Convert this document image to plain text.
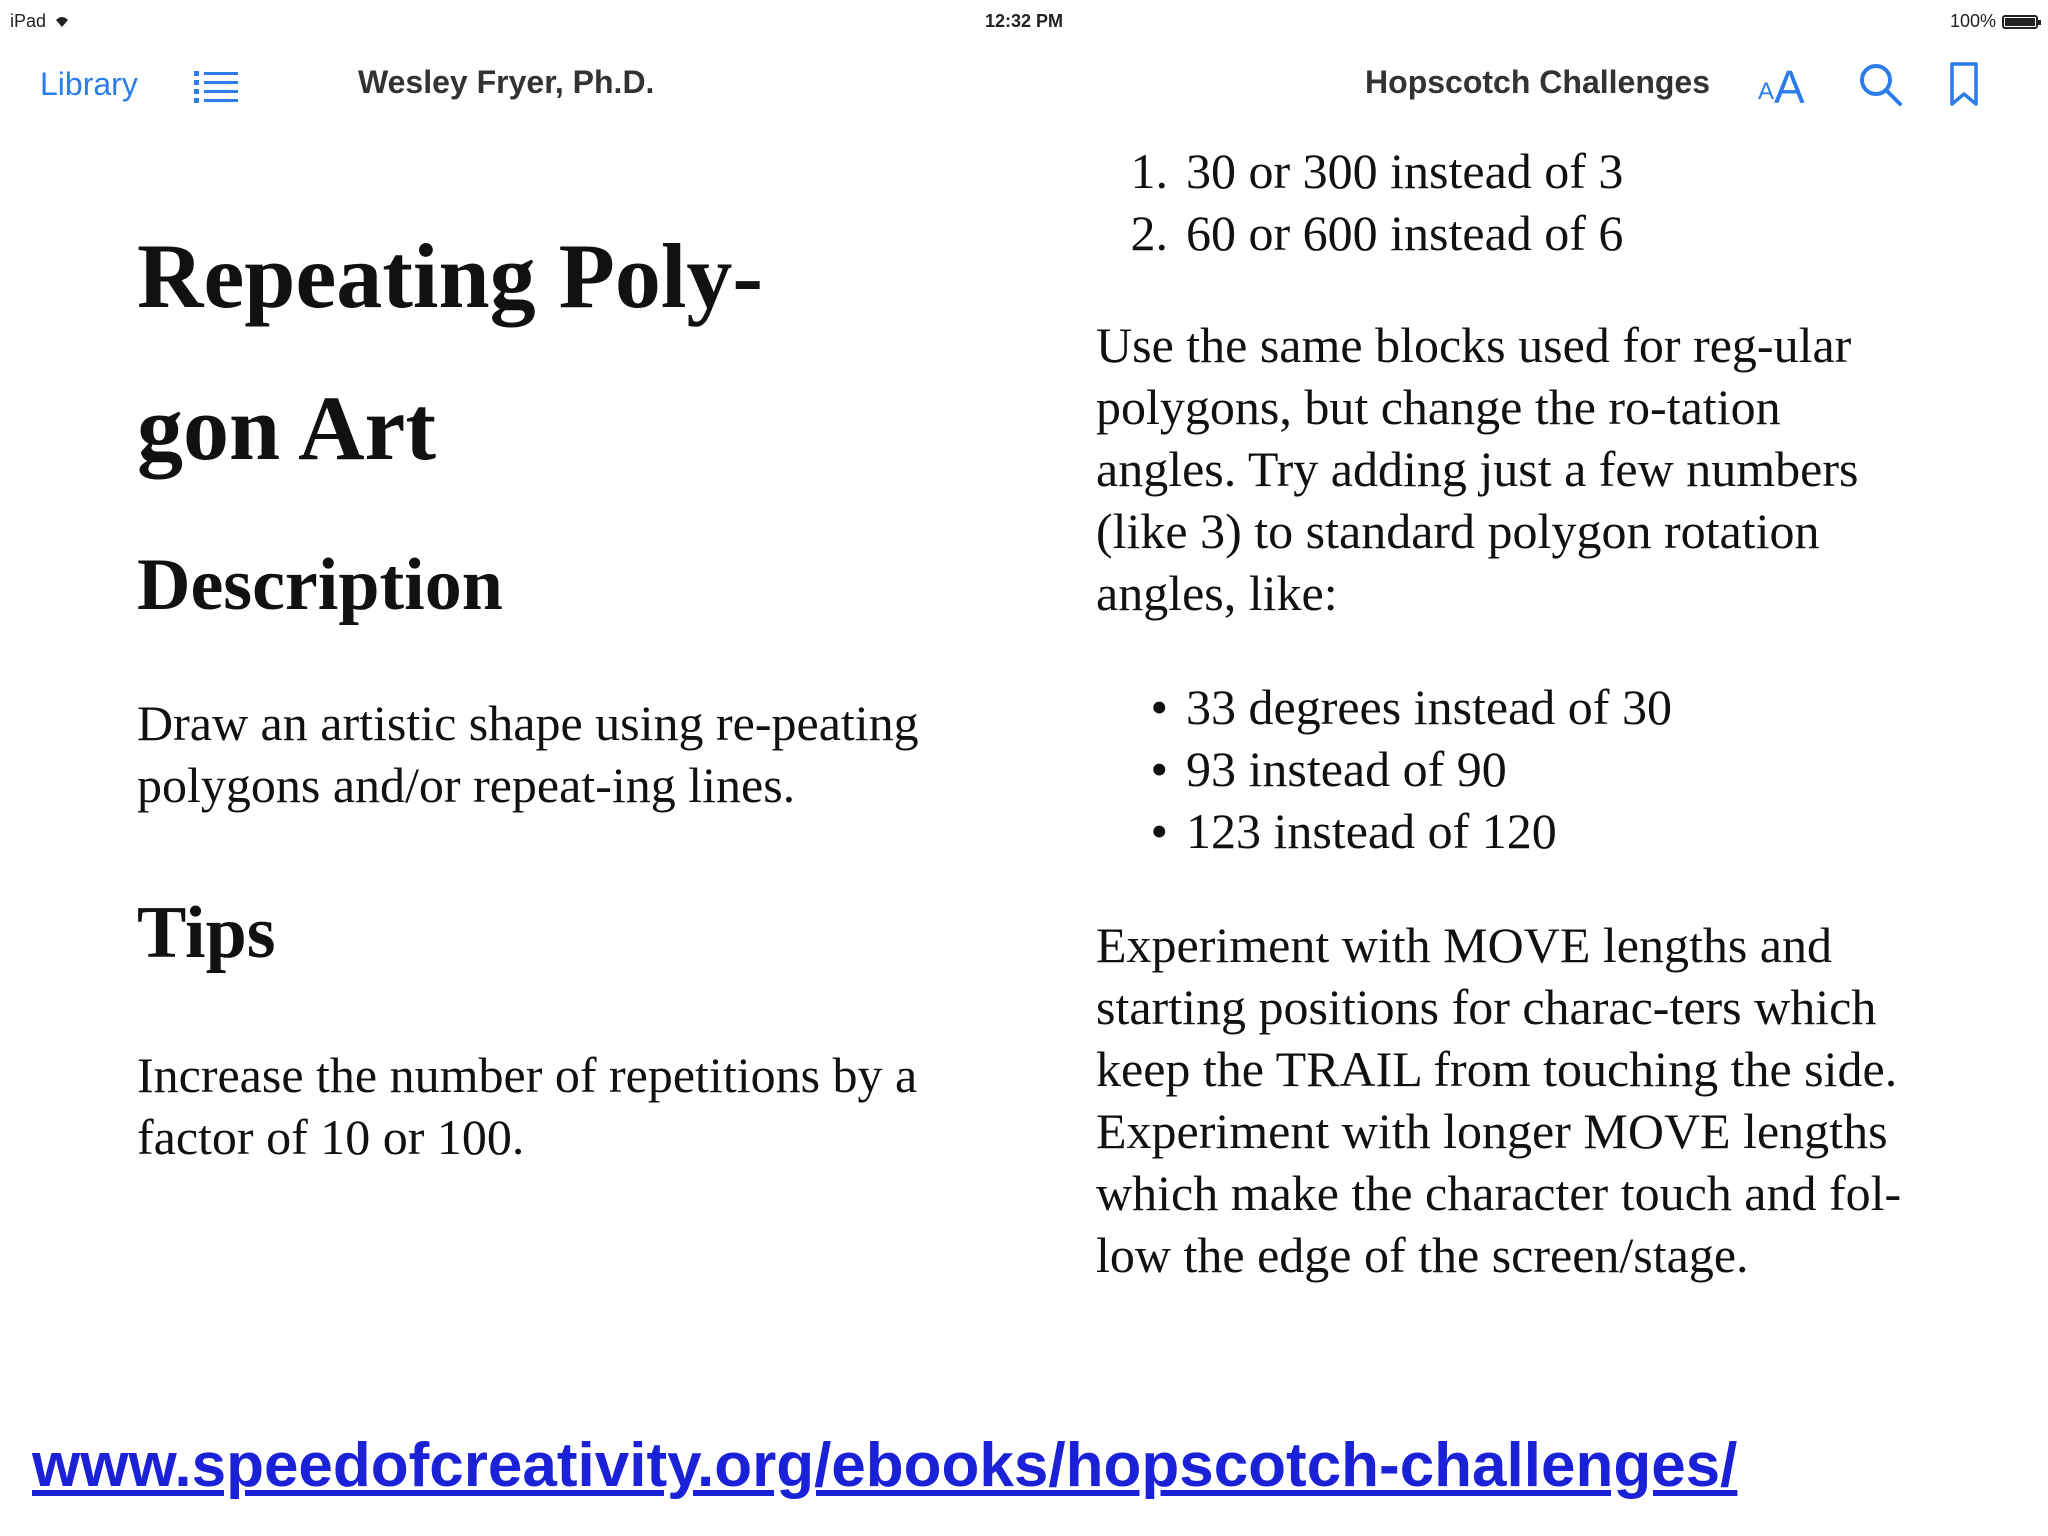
iPad	12:32 PM	100%
Library	Wesley Fryer, Ph.D.	Hopscotch Challenges A A
Repeating Poly-
gon Art
Description

Draw an artistic shape using re-peating polygons and/or repeat-ing lines.

Tips

Increase the number of repetitions by a factor of 10 or 100.

1. 30 or 300 instead of 3
2. 60 or 600 instead of 6

Use the same blocks used for reg-ular polygons, but change the ro-tation angles. Try adding just a few numbers (like 3) to standard polygon rotation angles, like:

• 33 degrees instead of 30
• 93 instead of 90
• 123 instead of 120

Experiment with MOVE lengths and starting positions for charac-ters which keep the TRAIL from touching the side. Experiment with longer MOVE lengths which make the character touch and fol-low the edge of the screen/stage.

www.speedofcreativity.org/ebooks/hopscotch-challenges/
